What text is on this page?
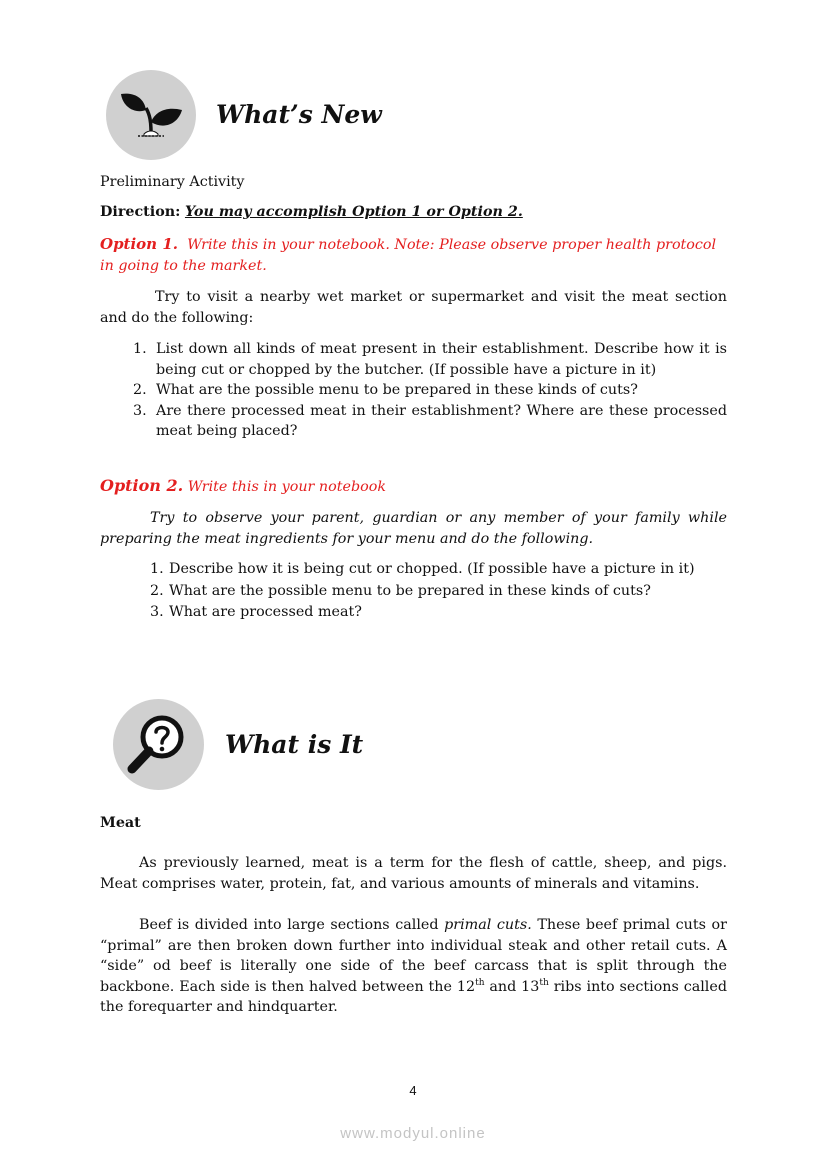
What’s New
Preliminary Activity
Direction: You may accomplish Option 1 or Option 2.
Option 1. Write this in your notebook. Note: Please observe proper health protocol in going to the market.
Try to visit a nearby wet market or supermarket and visit the meat section and do the following:
1. List down all kinds of meat present in their establishment. Describe how it is being cut or chopped by the butcher. (If possible have a picture in it)
2. What are the possible menu to be prepared in these kinds of cuts?
3. Are there processed meat in their establishment? Where are these processed meat being placed?
Option 2. Write this in your notebook
Try to observe your parent, guardian or any member of your family while preparing the meat ingredients for your menu and do the following.
1. Describe how it is being cut or chopped. (If possible have a picture in it)
2. What are the possible menu to be prepared in these kinds of cuts?
3. What are processed meat?
What is It
Meat
As previously learned, meat is a term for the flesh of cattle, sheep, and pigs. Meat comprises water, protein, fat, and various amounts of minerals and vitamins.
Beef is divided into large sections called primal cuts. These beef primal cuts or “primal” are then broken down further into individual steak and other retail cuts. A “side” od beef is literally one side of the beef carcass that is split through the backbone. Each side is then halved between the 12th and 13th ribs into sections called the forequarter and hindquarter.
4
www.modyul.online
